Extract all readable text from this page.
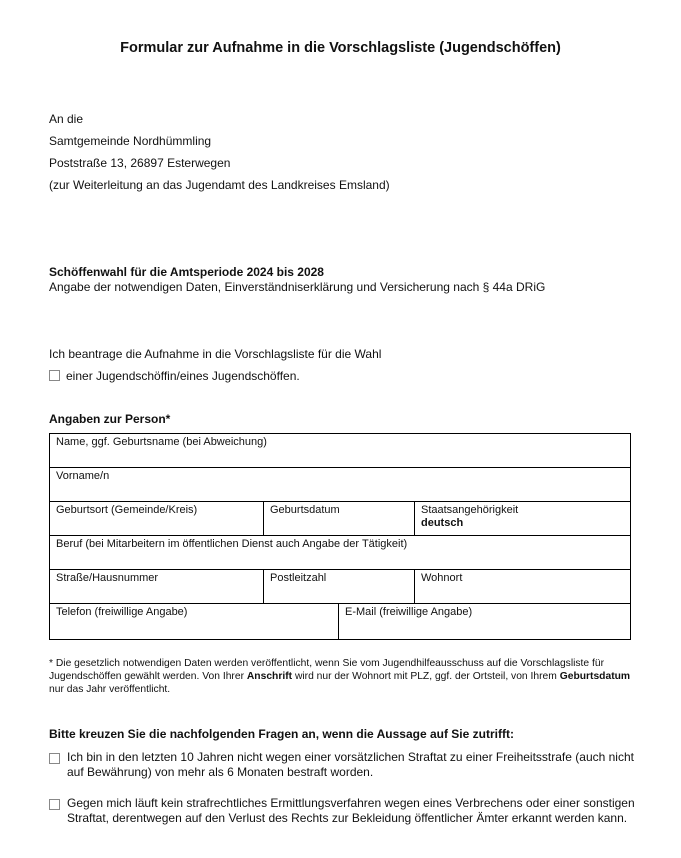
Formular zur Aufnahme in die Vorschlagsliste (Jugendschöffen)
An die
Samtgemeinde Nordhümmling
Poststraße 13, 26897 Esterwegen
(zur Weiterleitung an das Jugendamt des Landkreises Emsland)
Schöffenwahl für die Amtsperiode 2024 bis 2028
Angabe der notwendigen Daten, Einverständniserklärung und Versicherung nach § 44a DRiG
Ich beantrage die Aufnahme in die Vorschlagsliste für die Wahl
einer Jugendschöffin/eines Jugendschöffen.
Angaben zur Person*
Name, ggf. Geburtsname (bei Abweichung)			

Vorname/n			

Geburtsort (Gemeinde/Kreis)	Geburtsdatum		Staatsangehörigkeit
deutsch

Beruf (bei Mitarbeitern im öffentlichen Dienst auch Angabe der Tätigkeit)			

Straße/Hausnummer	Postleitzahl		Wohnort

Telefon (freiwillige Angabe)		E-Mail (freiwillige Angabe)	
* Die gesetzlich notwendigen Daten werden veröffentlicht, wenn Sie vom Jugendhilfeausschuss auf die Vorschlagsliste für Jugendschöffen gewählt werden. Von Ihrer Anschrift wird nur der Wohnort mit PLZ, ggf. der Ortsteil, von Ihrem Geburtsdatum nur das Jahr veröffentlicht.
Bitte kreuzen Sie die nachfolgenden Fragen an, wenn die Aussage auf Sie zutrifft:
Ich bin in den letzten 10 Jahren nicht wegen einer vorsätzlichen Straftat zu einer Freiheitsstrafe (auch nicht auf Bewährung) von mehr als 6 Monaten bestraft worden.
Gegen mich läuft kein strafrechtliches Ermittlungsverfahren wegen eines Verbrechens oder einer sonstigen Straftat, derentwegen auf den Verlust des Rechts zur Bekleidung öffentlicher Ämter erkannt werden kann.
